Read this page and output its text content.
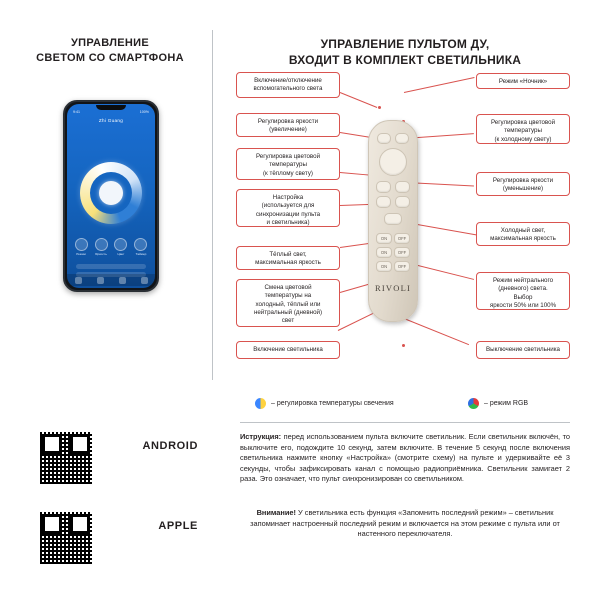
УПРАВЛЕНИЕ
СВЕТОМ СО СМАРТФОНА
9:41	100%
Zhi Guang
Режим	Яркость	Цвет	Таймер
ANDROID
APPLE
УПРАВЛЕНИЕ ПУЛЬТОМ ДУ,
ВХОДИТ В КОМПЛЕКТ СВЕТИЛЬНИКА
ON	OFF
ON	OFF
ON	OFF
RIVOLI
Включение/отключение
вспомогательного света
Регулировка яркости
(увеличение)
Регулировка цветовой
температуры
(к тёплому свету)
Настройка
(используется для
синхронизации пульта
и светильника)
Тёплый свет,
максимальная яркость
Смена цветовой
температуры на
холодный, тёплый или
нейтральный (дневной)
свет
Включение светильника
Режим «Ночник»
Регулировка цветовой
температуры
(к холодному свету)
Регулировка яркости
(уменьшение)
Холодный свет,
максимальная яркость
Режим нейтрального
(дневного) света.
Выбор
яркости 50% или 100%
Выключение светильника
– регулировка температуры свечения	– режим RGB
Иструкция: перед использованием пульта включите светильник. Если светильник включён, то выключите его, подождите 10 секунд, затем включите. В течение 5 секунд после включения светильника нажмите кнопку «Настройка» (смотрите схему) на пульте и удерживайте её 3 секунды, чтобы зафиксировать канал с помощью радиоприёмника. Светильник замигает 2 раза. Это означает, что пульт синхронизирован со светильником.
Внимание! У светильника есть функция «Запомнить последний режим» – светильник запоминает настроенный последний режим и включается на этом режиме с пульта или от настенного переключателя.
